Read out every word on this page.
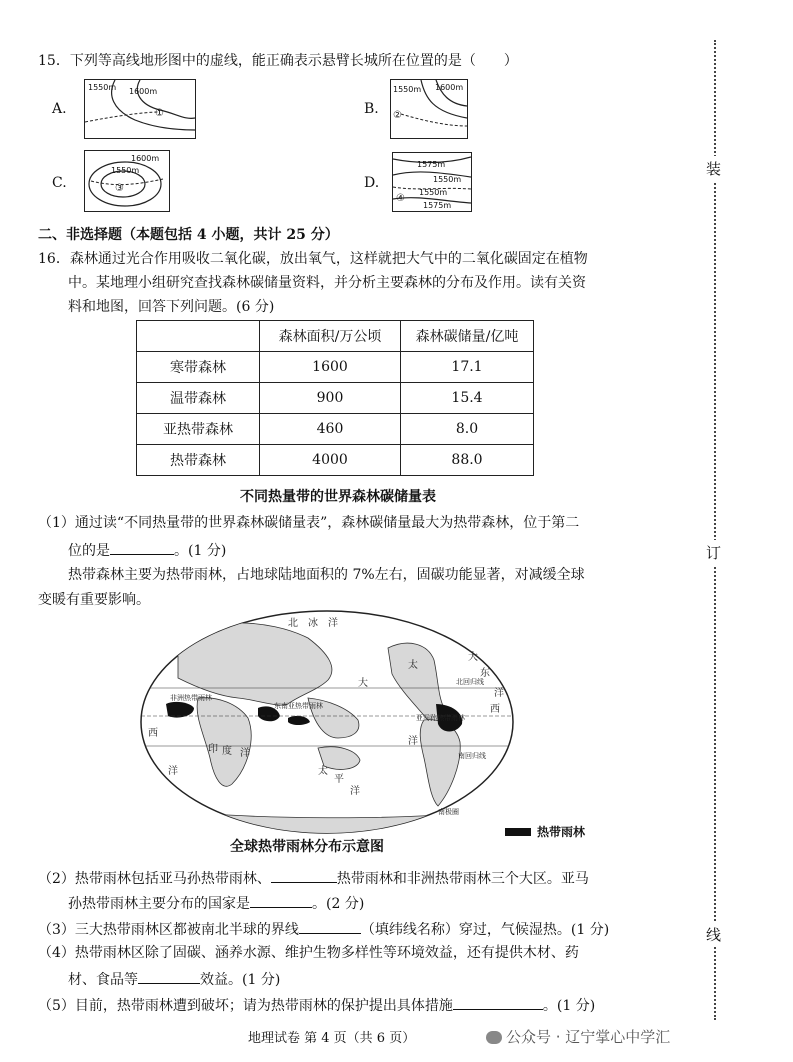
15．下列等高线地形图中的虚线，能正确表示悬臂长城所在位置的是（　　）
A.
1550m 1600m
①	B.
1550m 1600m
②
C.
1600m
1550m
③	D.
1575m
1550m
1550m
1575m
④
二、非选择题（本题包括 4 小题，共计 25 分）
16．森林通过光合作用吸收二氧化碳，放出氧气，这样就把大气中的二氧化碳固定在植物
中。某地理小组研究查找森林碳储量资料，并分析主要森林的分布及作用。读有关资
料和地图，回答下列问题。(6 分)
	森林面积/万公顷	森林碳储量/亿吨
寒带森林	1600	17.1
温带森林	900	15.4
亚热带森林	460	8.0
热带森林	4000	88.0
不同热量带的世界森林碳储量表
（1）通过读“不同热量带的世界森林碳储量表”，森林碳储量最大为热带森林，位于第二
位的是	。(1 分)
热带森林主要为热带雨林，占地球陆地面积的 7%左右，固碳功能显著，对减缓全球
变暖有重要影响。
北　冰　洋
大
太
洋
大
西
洋
印 度 洋
太
平
洋
洋
东
西
非洲热带雨林
东南亚热带雨林
亚马孙热带雨林
北回归线
南回归线
南极圈
全球热带雨林分布示意图
热带雨林
（2）热带雨林包括亚马孙热带雨林、	热带雨林和非洲热带雨林三个大区。亚马
孙热带雨林主要分布的国家是	。(2 分)
（3）三大热带雨林区都被南北半球的界线	（填纬线名称）穿过，气候湿热。(1 分)
（4）热带雨林区除了固碳、涵养水源、维护生物多样性等环境效益，还有提供木材、药
材、食品等	效益。(1 分)
（5）目前，热带雨林遭到破坏；请为热带雨林的保护提出具体措施	。(1 分)
地理试卷 第 4 页（共 6 页）	公众号 · 辽宁掌心中学汇
装
订
线
